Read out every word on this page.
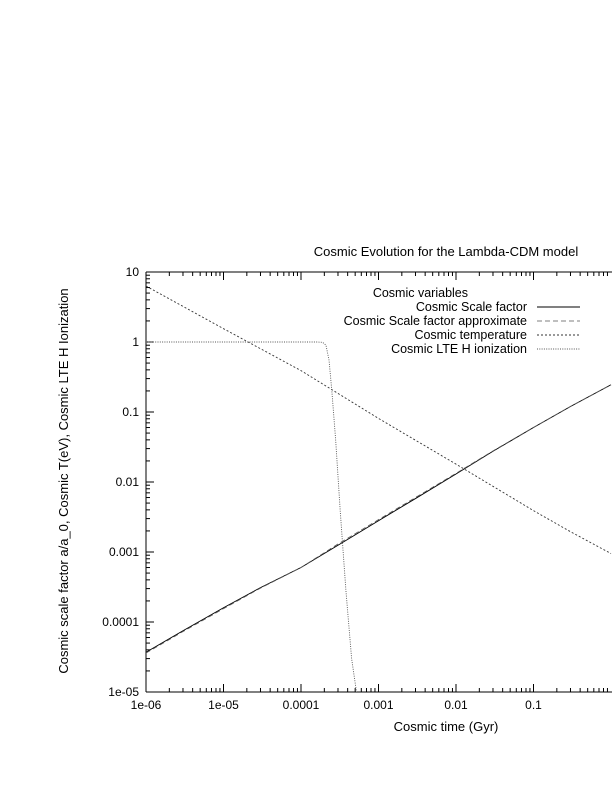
Cosmic Evolution for the Lambda-CDM model
1e-06	1e-05	0.0001	0.001	0.01	0.1
10
1
0.1
0.01
0.001
0.0001
1e-05
Cosmic variables
Cosmic Scale factor
Cosmic Scale factor approximate
Cosmic temperature
Cosmic LTE H ionization
Cosmic time (Gyr)
Cosmic scale factor a/a_0, Cosmic T(eV), Cosmic LTE H Ionization
